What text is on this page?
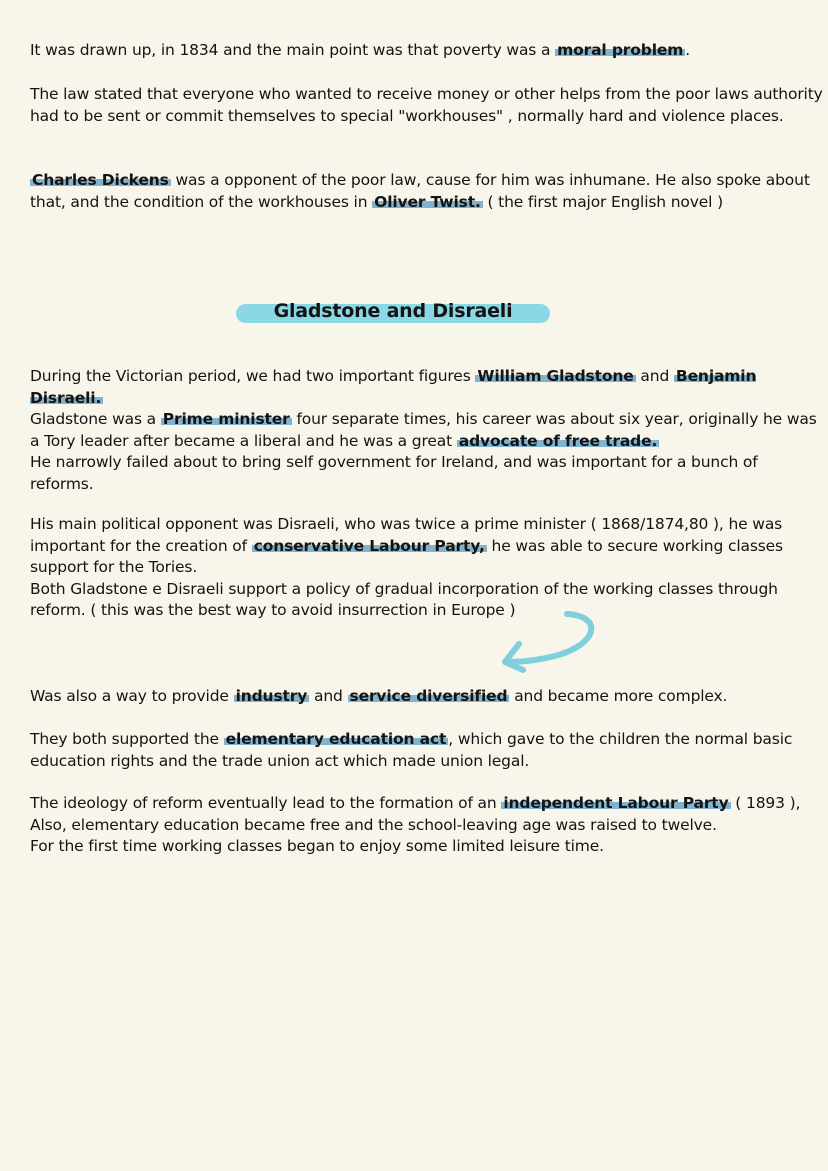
It was drawn up, in 1834 and the main point was that poverty was a moral problem .

The law stated that everyone who wanted to receive money or other helps from the poor laws authority had to be sent or commit themselves to special "workhouses" , normally hard and violence places.

Charles Dickens was a opponent of the poor law, cause for him was inhumane. He also spoke about that, and the condition of the workhouses in Oliver Twist. ( the first major English novel )

Gladstone and Disraeli

During the Victorian period, we had two important figures William Gladstone and Benjamin Disraeli.

Gladstone was a Prime minister four separate times, his career was about six year, originally he was a Tory leader after became a liberal and he was a great advocate of free trade.

He narrowly failed about to bring self government for Ireland, and was important for a bunch of reforms.

His main political opponent was Disraeli, who was twice a prime minister ( 1868/1874,80 ), he was important for the creation of conservative Labour Party, he was able to secure working classes support for the Tories.

Both Gladstone e Disraeli support a policy of gradual incorporation of the working classes through reform. ( this was the best way to avoid insurrection in Europe )

Was also a way to provide industry and service diversified and became more complex.

They both supported the elementary education act , which gave to the children the normal basic education rights and the trade union act which made union legal.

The ideology of reform eventually lead to the formation of an independent Labour Party ( 1893 ),

Also, elementary education became free and the school-leaving age was raised to twelve.

For the first time working classes began to enjoy some limited leisure time.
